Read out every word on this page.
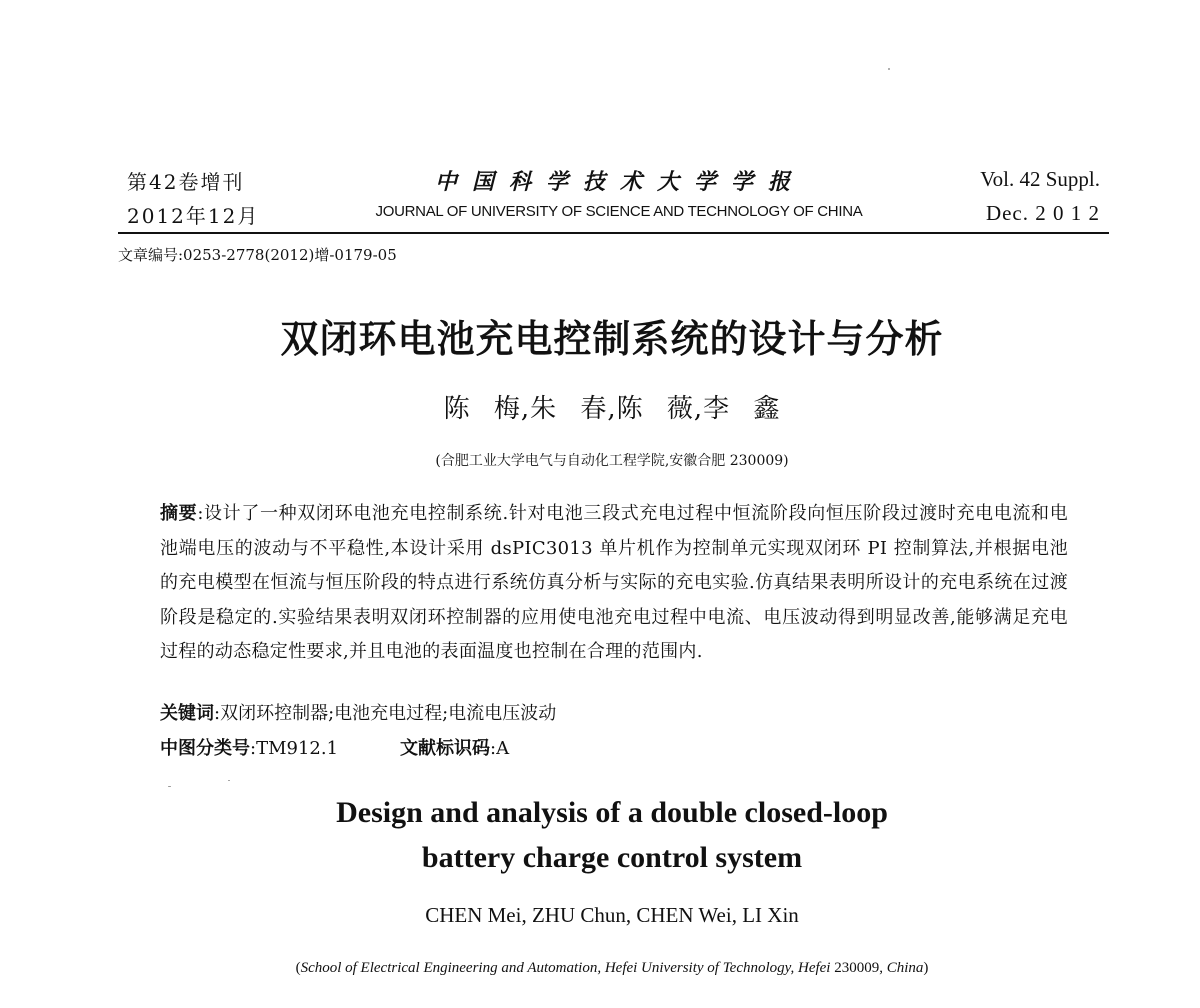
第42卷增刊
2012年12月
中国科学技术大学学报
JOURNAL OF UNIVERSITY OF SCIENCE AND TECHNOLOGY OF CHINA
Vol. 42 Suppl.
Dec. 2 0 1 2
文章编号:0253-2778(2012)增-0179-05
双闭环电池充电控制系统的设计与分析
陈 梅,朱 春,陈 薇,李 鑫
(合肥工业大学电气与自动化工程学院,安徽合肥 230009)
摘要:设计了一种双闭环电池充电控制系统.针对电池三段式充电过程中恒流阶段向恒压阶段过渡时充电电流和电池端电压的波动与不平稳性,本设计采用 dsPIC3013 单片机作为控制单元实现双闭环 PI 控制算法,并根据电池的充电模型在恒流与恒压阶段的特点进行系统仿真分析与实际的充电实验.仿真结果表明所设计的充电系统在过渡阶段是稳定的.实验结果表明双闭环控制器的应用使电池充电过程中电流、电压波动得到明显改善,能够满足充电过程的动态稳定性要求,并且电池的表面温度也控制在合理的范围内.
关键词:双闭环控制器;电池充电过程;电流电压波动
中图分类号:TM912.1	文献标识码:A
Design and analysis of a double closed-loop
battery charge control system
CHEN Mei, ZHU Chun, CHEN Wei, LI Xin
(School of Electrical Engineering and Automation, Hefei University of Technology, Hefei 230009, China)
